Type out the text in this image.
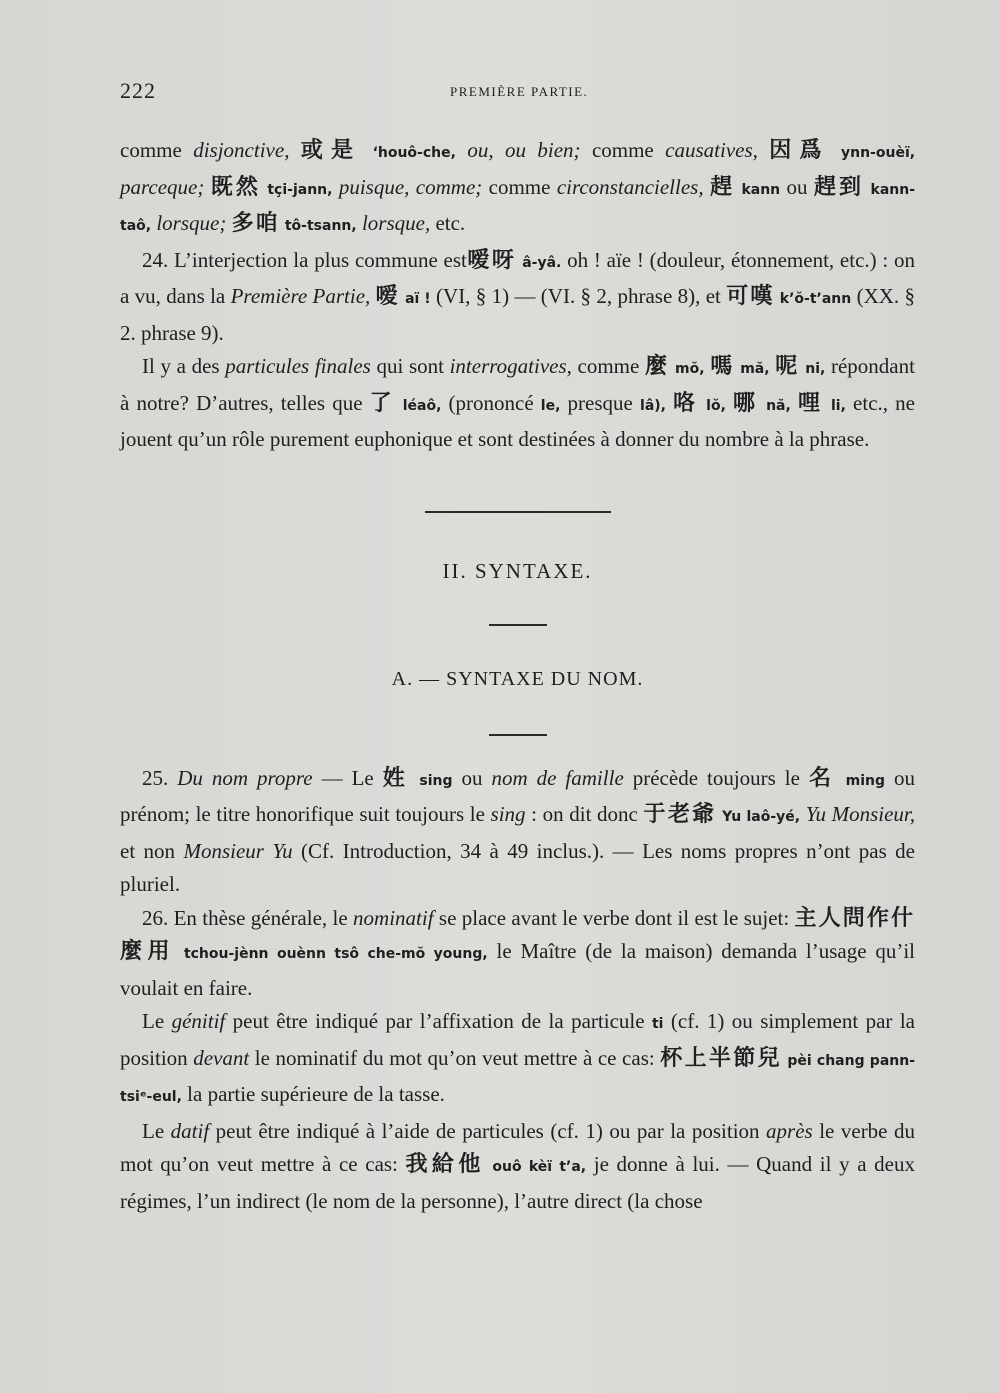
222	PREMIÈRE PARTIE.

comme disjonctive, 或是 ‘houô-che, ou, ou bien; comme causatives, 因爲 ynn-ouèï, parceque; 既然 tçi-jann, puisque, comme; comme circonstancielles, 趕 kann ou 趕到 kann-taô, lorsque; 多咱 tô-tsann, lorsque, etc.

24. L’interjection la plus commune est嗳呀 â-yâ. oh ! aïe ! (douleur, étonnement, etc.) : on a vu, dans la Première Partie, 嗳 aï ! (VI, § 1) — (VI. § 2, phrase 8), et 可嘆 k’ŏ-t’ann (XX. § 2. phrase 9).

Il y a des particules finales qui sont interrogatives, comme 麼 mŏ, 嗎 mă, 呢 ni, répondant à notre? D’autres, telles que 了 léaô, (prononcé le, presque lâ), 咯 lŏ, 哪 nă, 哩 li, etc., ne jouent qu’un rôle purement euphonique et sont destinées à donner du nombre à la phrase.

II. SYNTAXE.
A. — SYNTAXE DU NOM.

25. Du nom propre — Le 姓 sing ou nom de famille précède toujours le 名 ming ou prénom; le titre honorifique suit toujours le sing : on dit donc 于老爺 Yu laô-yé, Yu Monsieur, et non Monsieur Yu (Cf. Introduction, 34 à 49 inclus.). — Les noms propres n’ont pas de pluriel.

26. En thèse générale, le nominatif se place avant le verbe dont il est le sujet: 主人問作什麼用 tchou-jènn ouènn tsô che-mŏ young, le Maître (de la maison) demanda l’usage qu’il voulait en faire.

Le génitif peut être indiqué par l’affixation de la particule ti (cf. 1) ou simplement par la position devant le nominatif du mot qu’on veut mettre à ce cas: 杯上半節兒 pèi chang pann-tsiᵉ-eul, la partie supérieure de la tasse.

Le datif peut être indiqué à l’aide de particules (cf. 1) ou par la position après le verbe du mot qu’on veut mettre à ce cas: 我給他 ouô kèï t’a, je donne à lui. — Quand il y a deux régimes, l’un indirect (le nom de la personne), l’autre direct (la chose
